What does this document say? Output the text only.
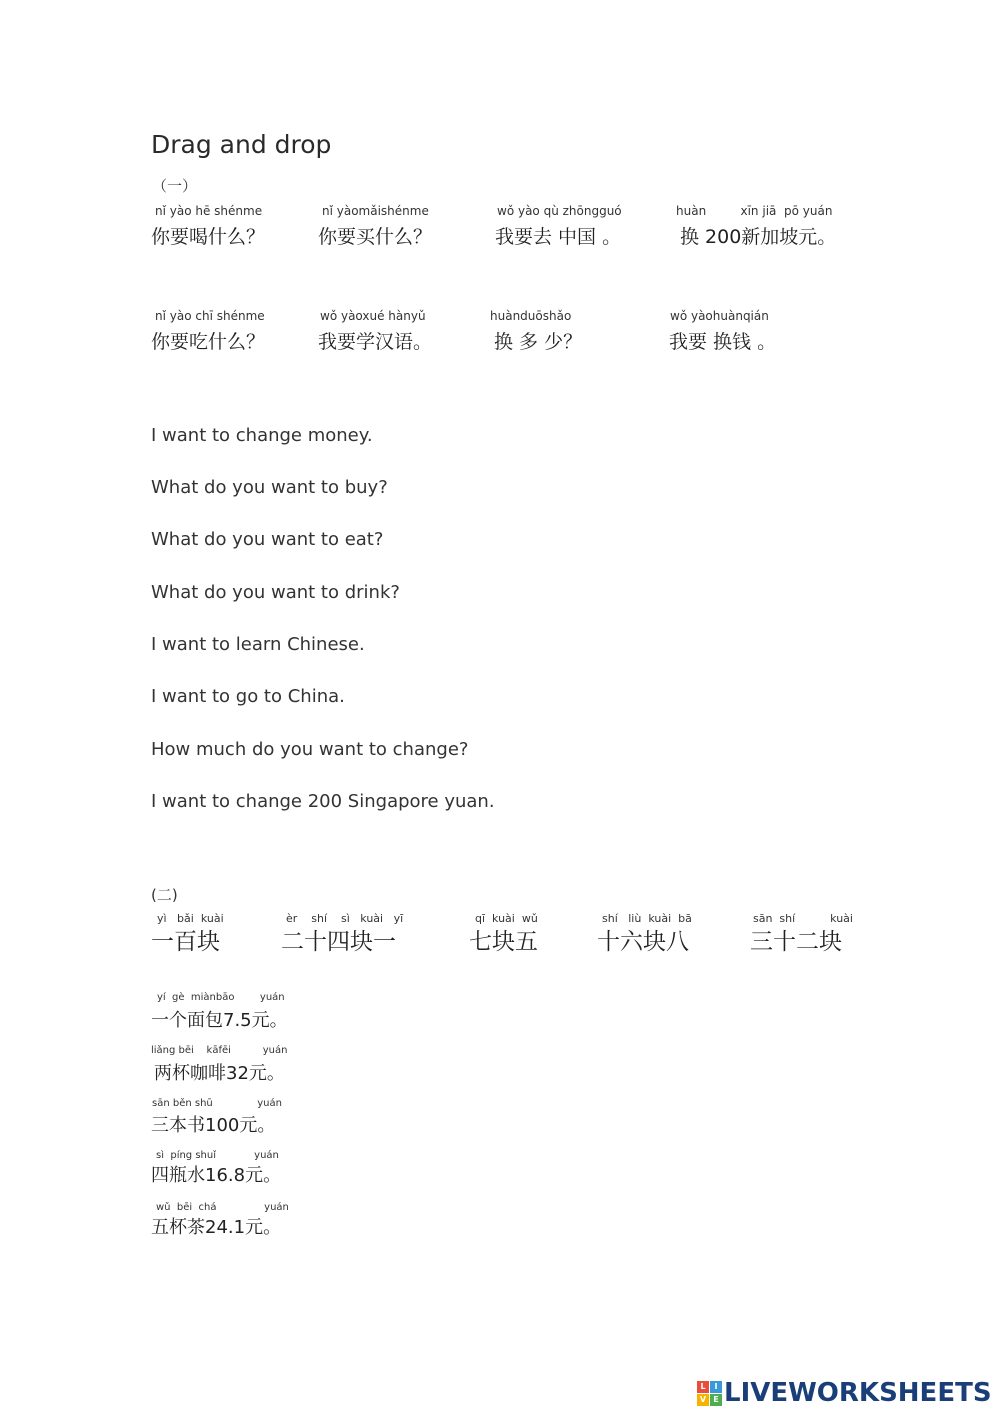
Drag and drop
（一）
nǐ yào hē shénme
你要喝什么？
nǐ yàomǎishénme
你要买什么？
wǒ yào qù zhōngguó
我要去 中国 。
huàn         xīn jiā  pō yuán
换 200新加坡元。
nǐ yào chī shénme
你要吃什么？
wǒ yàoxué hànyǔ
我要学汉语。
huànduōshǎo
换 多 少？
wǒ yàohuànqián
我要 换钱 。
I want to change money.
What do you want to buy?
What do you want to eat?
What do you want to drink?
I want to learn Chinese.
I want to go to China.
How much do you want to change?
I want to change 200 Singapore yuan.
(二)
yì   bǎi  kuài
一百块
èr    shí    sì   kuài   yī
二十四块一
qī  kuài  wǔ
七块五
shí   liù  kuài  bā
十六块八
sān  shí          kuài
三十二块
yí  gè  miànbāo        yuán
一个面包7.5元。
liǎng bēi    kāfēi          yuán
两杯咖啡32元。
sān běn shū              yuán
三本书100元。
sì  píng shuǐ            yuán
四瓶水16.8元。
wǔ  bēi  chá               yuán
五杯茶24.1元。
L	I
V E LIVEWORKSHEETS
